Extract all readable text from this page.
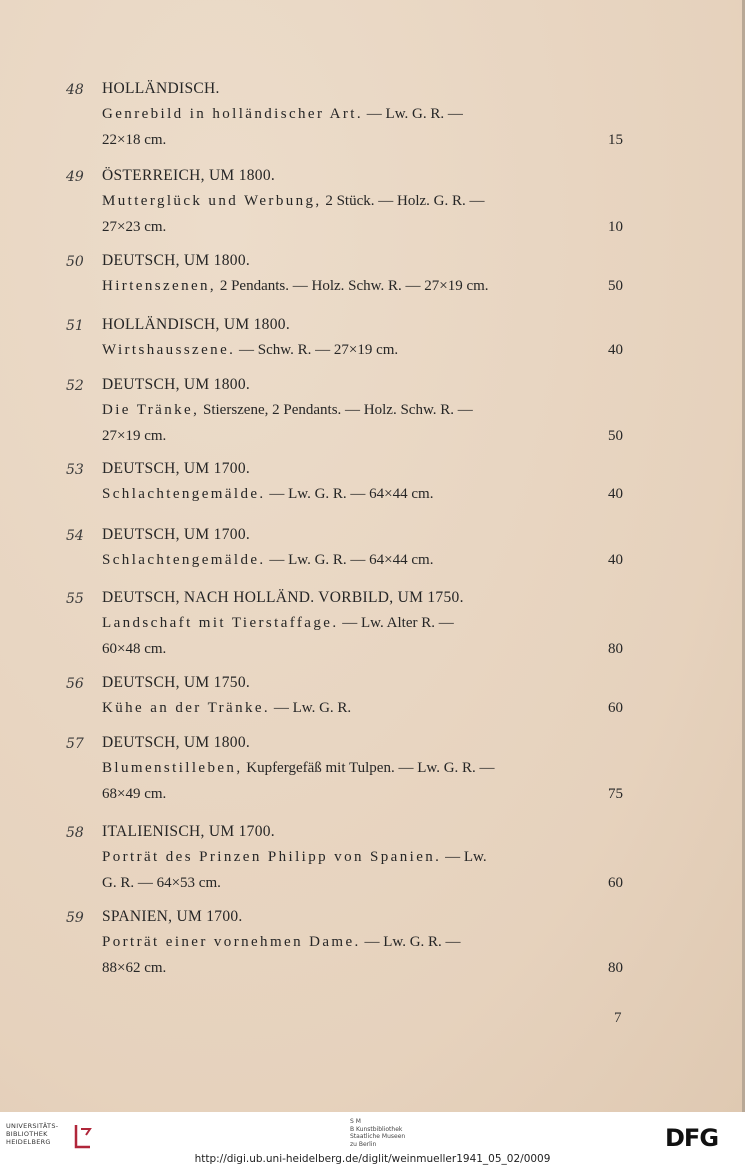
48	HOLLÄNDISCH.
Genrebild in holländischer Art. — Lw. G. R. —
22×18 cm.	15
49	ÖSTERREICH, UM 1800.
Mutterglück und Werbung, 2 Stück. — Holz. G. R. —
27×23 cm.	10
50	DEUTSCH, UM 1800.
Hirtenszenen, 2 Pendants. — Holz. Schw. R. — 27×19 cm.	50
51	HOLLÄNDISCH, UM 1800.
Wirtshausszene. — Schw. R. — 27×19 cm.	40
52	DEUTSCH, UM 1800.
Die Tränke, Stierszene, 2 Pendants. — Holz. Schw. R. —
27×19 cm.	50
53	DEUTSCH, UM 1700.
Schlachtengemälde. — Lw. G. R. — 64×44 cm.	40
54	DEUTSCH, UM 1700.
Schlachtengemälde. — Lw. G. R. — 64×44 cm.	40
55	DEUTSCH, NACH HOLLÄND. VORBILD, UM 1750.
Landschaft mit Tierstaffage. — Lw. Alter R. —
60×48 cm.	80
56	DEUTSCH, UM 1750.
Kühe an der Tränke. — Lw. G. R.	60
57	DEUTSCH, UM 1800.
Blumenstilleben, Kupfergefäß mit Tulpen. — Lw. G. R. —
68×49 cm.	75
58	ITALIENISCH, UM 1700.
Porträt des Prinzen Philipp von Spanien. — Lw.
G. R. — 64×53 cm.	60
59	SPANIEN, UM 1700.
Porträt einer vornehmen Dame. — Lw. G. R. —
88×62 cm.	80
7
UNIVERSITÄTS-
BIBLIOTHEK
HEIDELBERG
S M
B Kunstbibliothek
Staatliche Museen
zu Berlin	DFG
http://digi.ub.uni-heidelberg.de/diglit/weinmueller1941_05_02/0009
